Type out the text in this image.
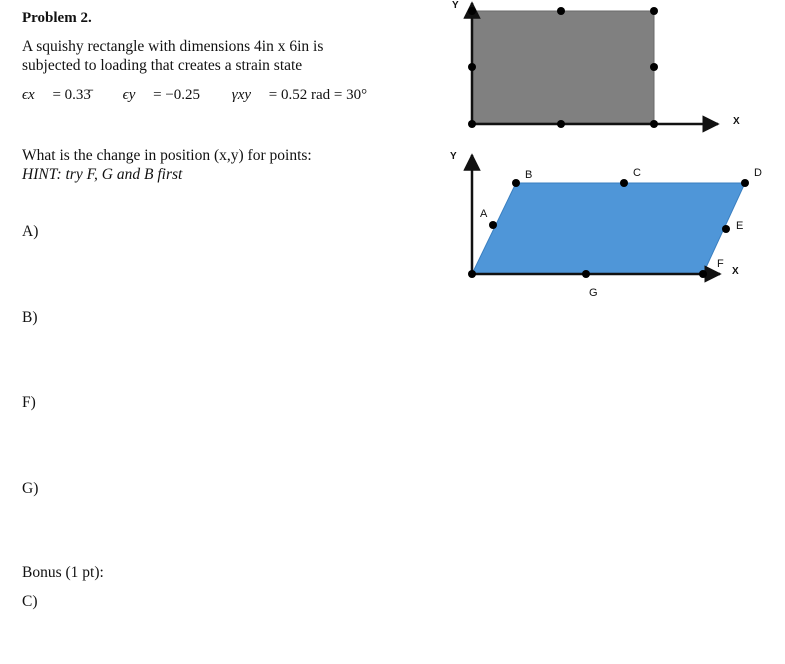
Problem 2.
A squishy rectangle with dimensions 4in x 6in is
subjected to loading that creates a strain state
ϵx = 0.33̄ ϵy = −0.25 γxy = 0.52 rad = 30°
What is the change in position (x,y) for points:
HINT: try F, G and B first
A)
B)
F)
G)
Bonus (1 pt):
C)
Y
X
Y
X
A
B	C	D
E
F
G
